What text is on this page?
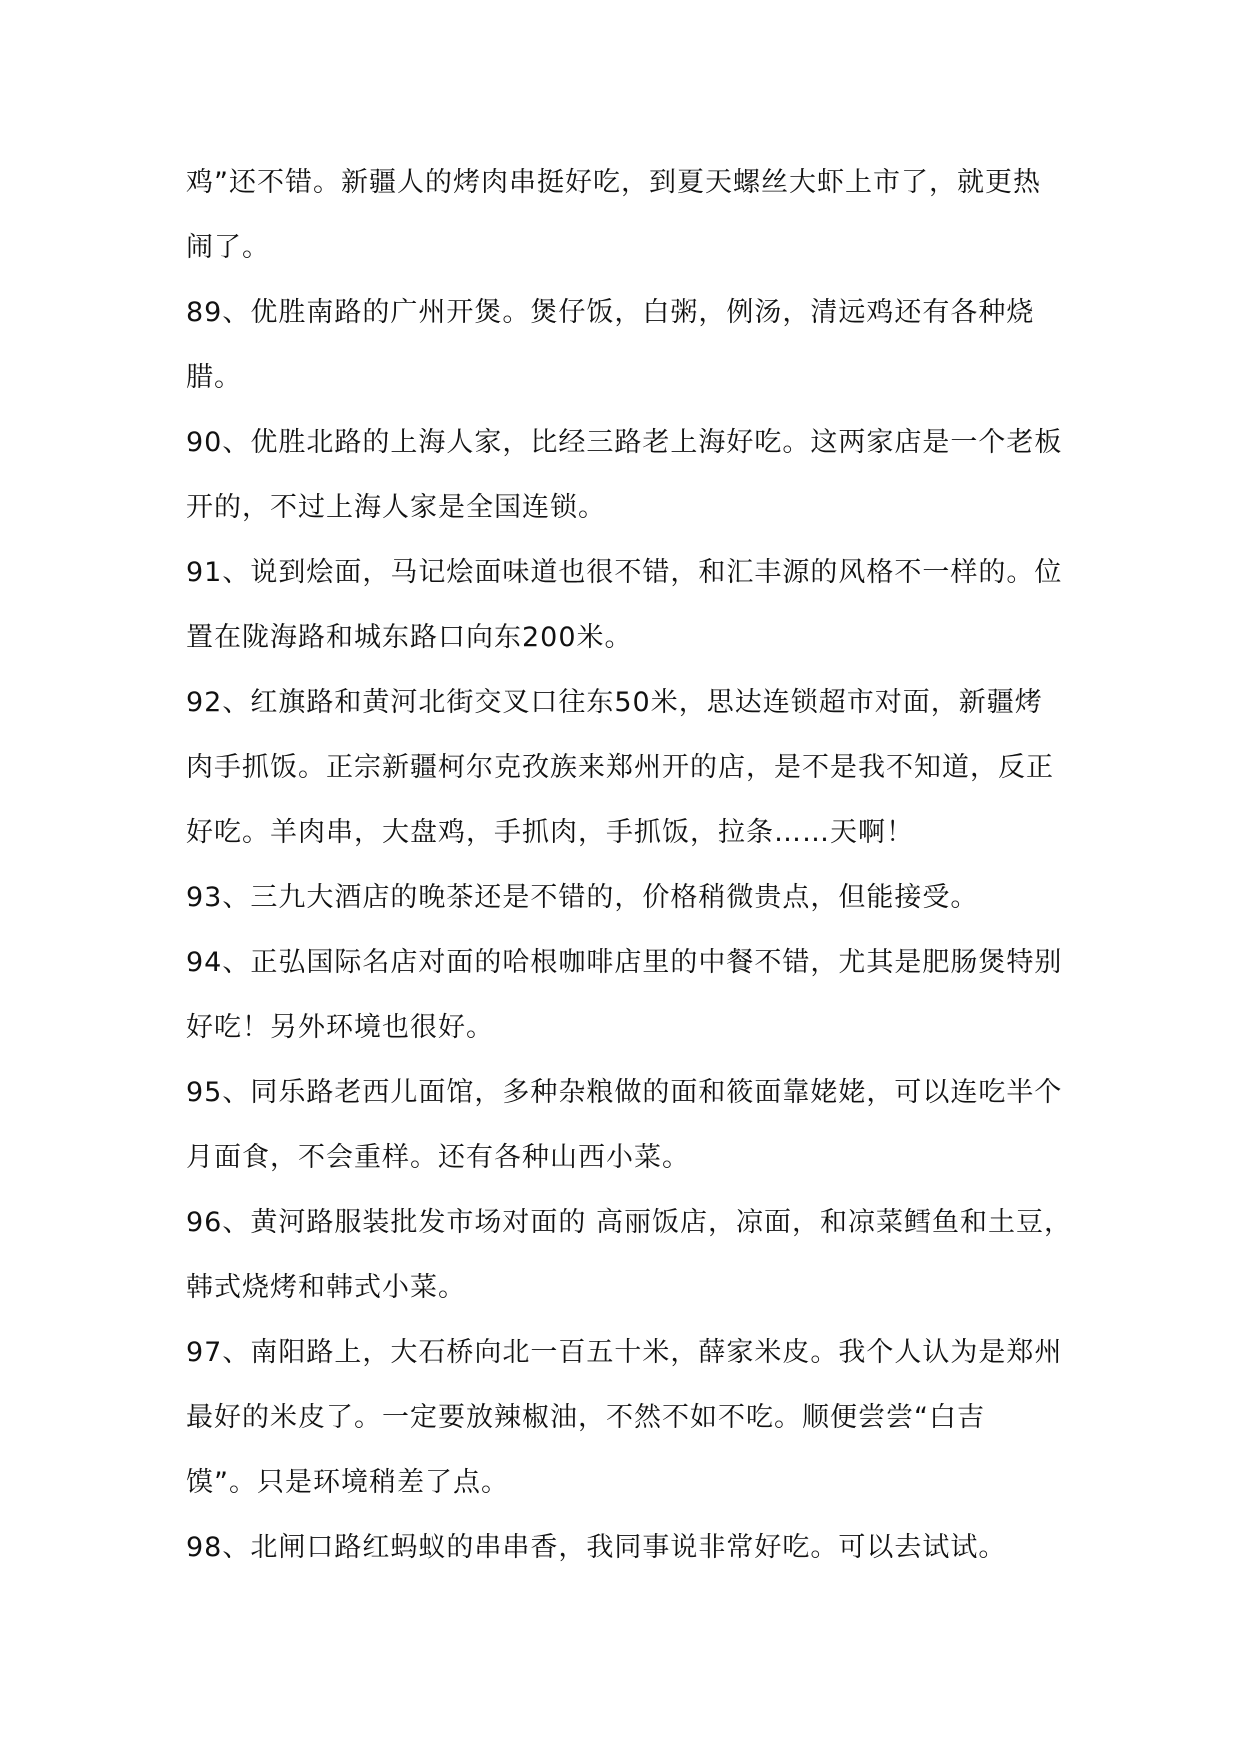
鸡”还不错。新疆人的烤肉串挺好吃，到夏天螺丝大虾上市了，就更热
闹了。
89、优胜南路的广州开煲。煲仔饭，白粥，例汤，清远鸡还有各种烧
腊。
90、优胜北路的上海人家，比经三路老上海好吃。这两家店是一个老板
开的，不过上海人家是全国连锁。
91、说到烩面，马记烩面味道也很不错，和汇丰源的风格不一样的。位
置在陇海路和城东路口向东200米。
92、红旗路和黄河北街交叉口往东50米，思达连锁超市对面，新疆烤
肉手抓饭。正宗新疆柯尔克孜族来郑州开的店，是不是我不知道，反正
好吃。羊肉串，大盘鸡，手抓肉，手抓饭，拉条……天啊！
93、三九大酒店的晚茶还是不错的，价格稍微贵点，但能接受。
94、正弘国际名店对面的哈根咖啡店里的中餐不错，尤其是肥肠煲特别
好吃！另外环境也很好。
95、同乐路老西儿面馆，多种杂粮做的面和筱面靠姥姥，可以连吃半个
月面食，不会重样。还有各种山西小菜。
96、黄河路服装批发市场对面的 高丽饭店，凉面，和凉菜鳕鱼和土豆，
韩式烧烤和韩式小菜。
97、南阳路上，大石桥向北一百五十米，薛家米皮。我个人认为是郑州
最好的米皮了。一定要放辣椒油，不然不如不吃。顺便尝尝“白吉
馍”。只是环境稍差了点。
98、北闸口路红蚂蚁的串串香，我同事说非常好吃。可以去试试。
